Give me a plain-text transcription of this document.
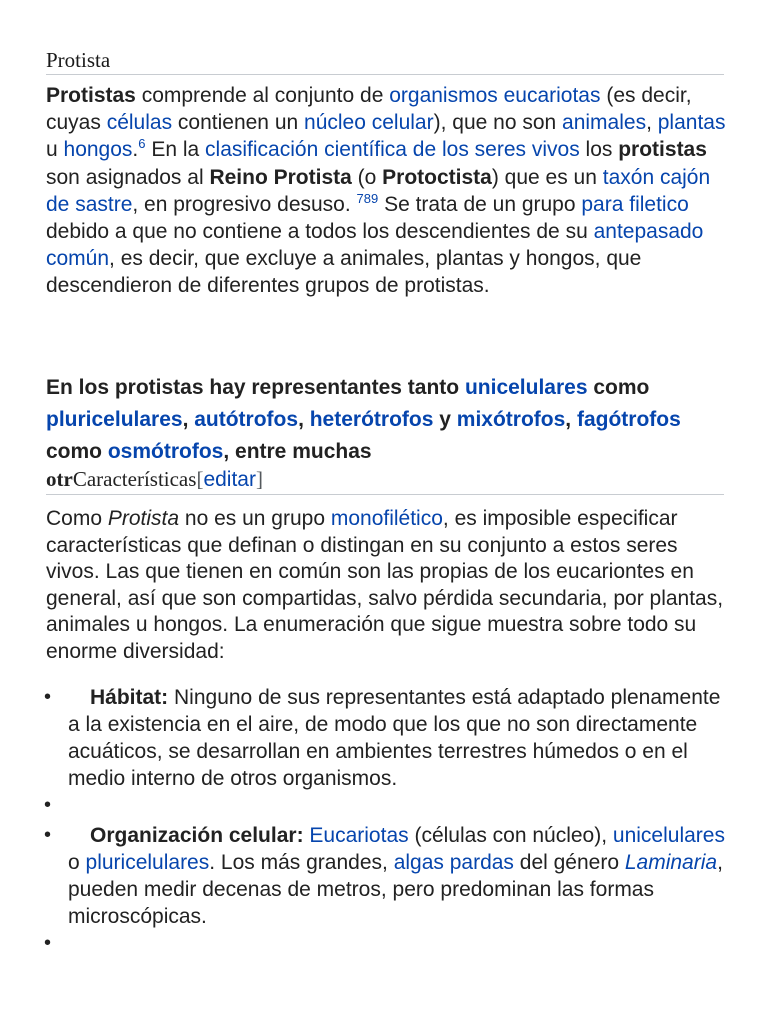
Protista

Protistas comprende al conjunto de organismos eucariotas (es decir, cuyas células contienen un núcleo celular), que no son animales, plantas u hongos.$^6$ En la clasificación científica de los seres vivos los protistas son asignados al Reino Protista (o Protoctista) que es un taxón cajón de sastre, en progresivo desuso. $^{789}$ Se trata de un grupo para filetico debido a que no contiene a todos los descendientes de su antepasado común, es decir, que excluye a animales, plantas y hongos, que descendieron de diferentes grupos de protistas.

En los protistas hay representantes tanto unicelulares como pluricelulares, autótrofos, heterótrofos y mixótrofos, fagótrofos como osmótrofos, entre muchas

otrCaracterísticas[editar]

Como Protista no es un grupo monofilético, es imposible especificar características que definan o distingan en su conjunto a estos seres vivos. Las que tienen en común son las propias de los eucariontes en general, así que son compartidas, salvo pérdida secundaria, por plantas, animales u hongos. La enumeración que sigue muestra sobre todo su enorme diversidad:

•	Hábitat: Ninguno de sus representantes está adaptado plenamente a la existencia en el aire, de modo que los que no son directamente acuáticos, se desarrollan en ambientes terrestres húmedos o en el medio interno de otros organismos.
•
•	Organización celular: Eucariotas (células con núcleo), unicelulares o pluricelulares. Los más grandes, algas pardas del género Laminaria, pueden medir decenas de metros, pero predominan las formas microscópicas.
•
